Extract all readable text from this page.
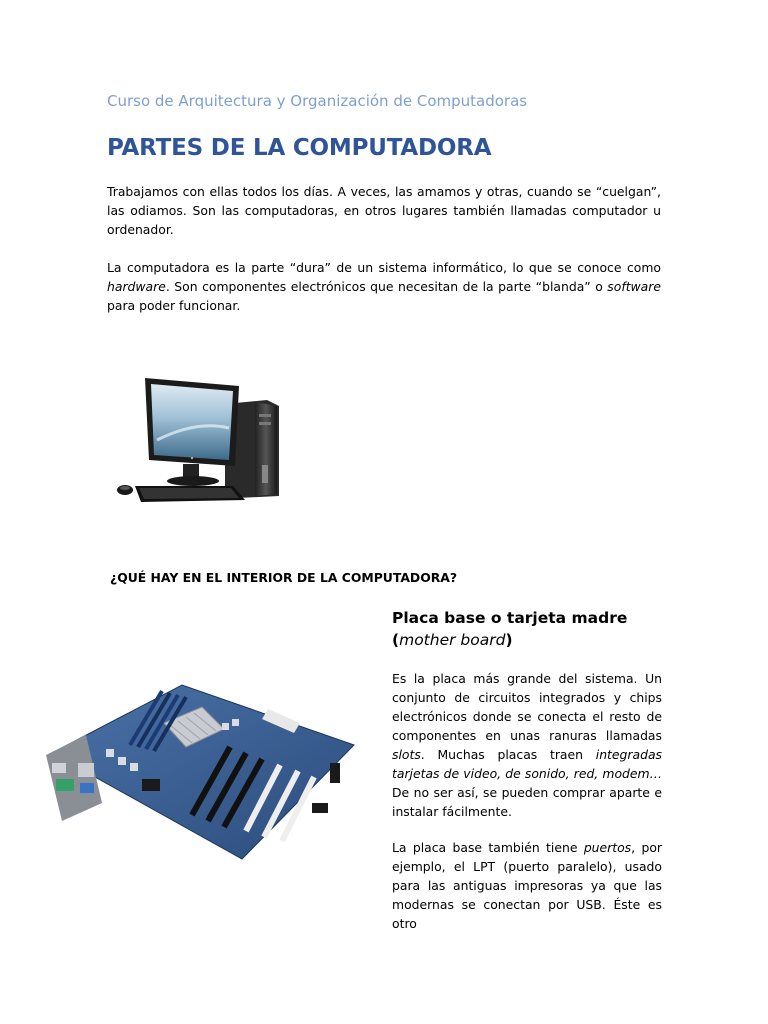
Curso de Arquitectura y Organización de Computadoras
PARTES DE LA COMPUTADORA
Trabajamos con ellas todos los días. A veces, las amamos y otras, cuando se “cuelgan”, las odiamos. Son las computadoras, en otros lugares también llamadas computador u ordenador.
La computadora es la parte “dura” de un sistema informático, lo que se conoce como hardware. Son componentes electrónicos que necesitan de la parte “blanda” o software para poder funcionar.
¿QUÉ HAY EN EL INTERIOR DE LA COMPUTADORA?
Placa base o tarjeta madre (mother board)
Es la placa más grande del sistema. Un conjunto de circuitos integrados y chips electrónicos donde se conecta el resto de componentes en unas ranuras llamadas slots. Muchas placas traen integradas tarjetas de video, de sonido, red, modem… De no ser así, se pueden comprar aparte e instalar fácilmente.
La placa base también tiene puertos, por ejemplo, el LPT (puerto paralelo), usado para las antiguas impresoras ya que las modernas se conectan por USB. Éste es otro
